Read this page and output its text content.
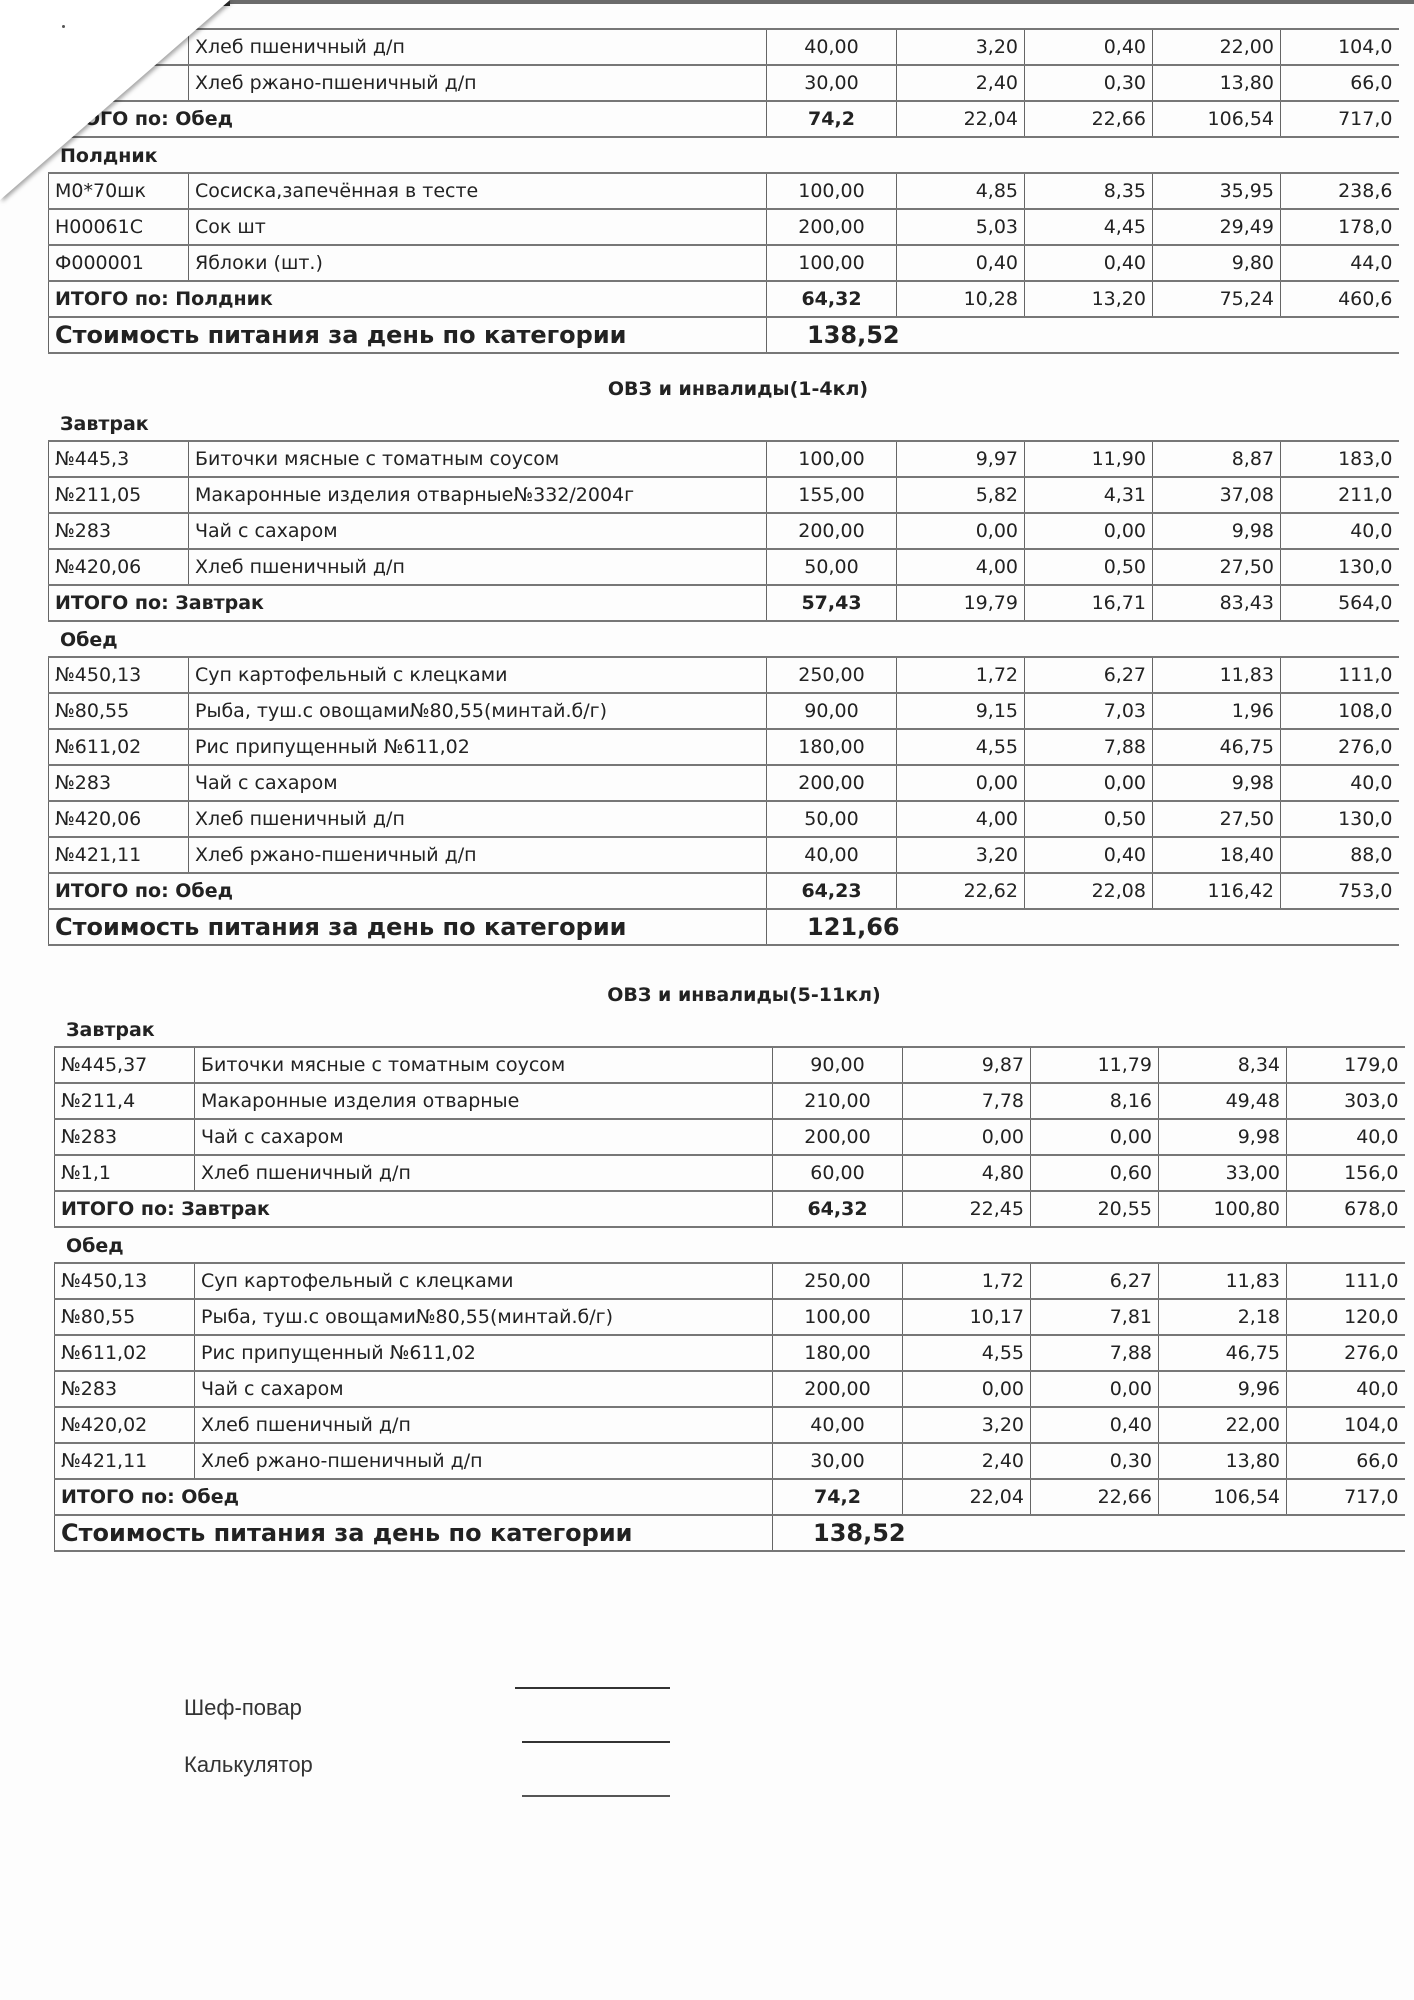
	Хлеб пшеничный д/п	40,00	3,20	0,40	22,00	104,0
	Хлеб ржано-пшеничный д/п	30,00	2,40	0,30	13,80	66,0
ИТОГО по: Обед		74,2	22,04	22,66	106,54	717,0
Полдник
М0*70шк	Сосиска,запечённая в тесте	100,00	4,85	8,35	35,95	238,6
Н00061С	Сок шт	200,00	5,03	4,45	29,49	178,0
Ф000001	Яблоки (шт.)	100,00	0,40	0,40	9,80	44,0
ИТОГО по: Полдник		64,32	10,28	13,20	75,24	460,6
Стоимость питания за день по категории		138,52				
ОВЗ и инвалиды(1-4кл)
Завтрак
№445,3	Биточки мясные с томатным соусом	100,00	9,97	11,90	8,87	183,0
№211,05	Макаронные изделия отварные№332/2004г	155,00	5,82	4,31	37,08	211,0
№283	Чай с сахаром	200,00	0,00	0,00	9,98	40,0
№420,06	Хлеб пшеничный д/п	50,00	4,00	0,50	27,50	130,0
ИТОГО по: Завтрак		57,43	19,79	16,71	83,43	564,0
Обед
№450,13	Суп картофельный с клецками	250,00	1,72	6,27	11,83	111,0
№80,55	Рыба, туш.с овощами№80,55(минтай.б/г)	90,00	9,15	7,03	1,96	108,0
№611,02	Рис припущенный №611,02	180,00	4,55	7,88	46,75	276,0
№283	Чай с сахаром	200,00	0,00	0,00	9,98	40,0
№420,06	Хлеб пшеничный д/п	50,00	4,00	0,50	27,50	130,0
№421,11	Хлеб ржано-пшеничный д/п	40,00	3,20	0,40	18,40	88,0
ИТОГО по: Обед		64,23	22,62	22,08	116,42	753,0
Стоимость питания за день по категории		121,66				
ОВЗ и инвалиды(5-11кл)
Завтрак
№445,37	Биточки мясные с томатным соусом	90,00	9,87	11,79	8,34	179,0
№211,4	Макаронные изделия отварные	210,00	7,78	8,16	49,48	303,0
№283	Чай с сахаром	200,00	0,00	0,00	9,98	40,0
№1,1	Хлеб пшеничный д/п	60,00	4,80	0,60	33,00	156,0
ИТОГО по: Завтрак		64,32	22,45	20,55	100,80	678,0
Обед
№450,13	Суп картофельный с клецками	250,00	1,72	6,27	11,83	111,0
№80,55	Рыба, туш.с овощами№80,55(минтай.б/г)	100,00	10,17	7,81	2,18	120,0
№611,02	Рис припущенный №611,02	180,00	4,55	7,88	46,75	276,0
№283	Чай с сахаром	200,00	0,00	0,00	9,96	40,0
№420,02	Хлеб пшеничный д/п	40,00	3,20	0,40	22,00	104,0
№421,11	Хлеб ржано-пшеничный д/п	30,00	2,40	0,30	13,80	66,0
ИТОГО по: Обед		74,2	22,04	22,66	106,54	717,0
Стоимость питания за день по категории		138,52				
Шеф-повар
Калькулятор
